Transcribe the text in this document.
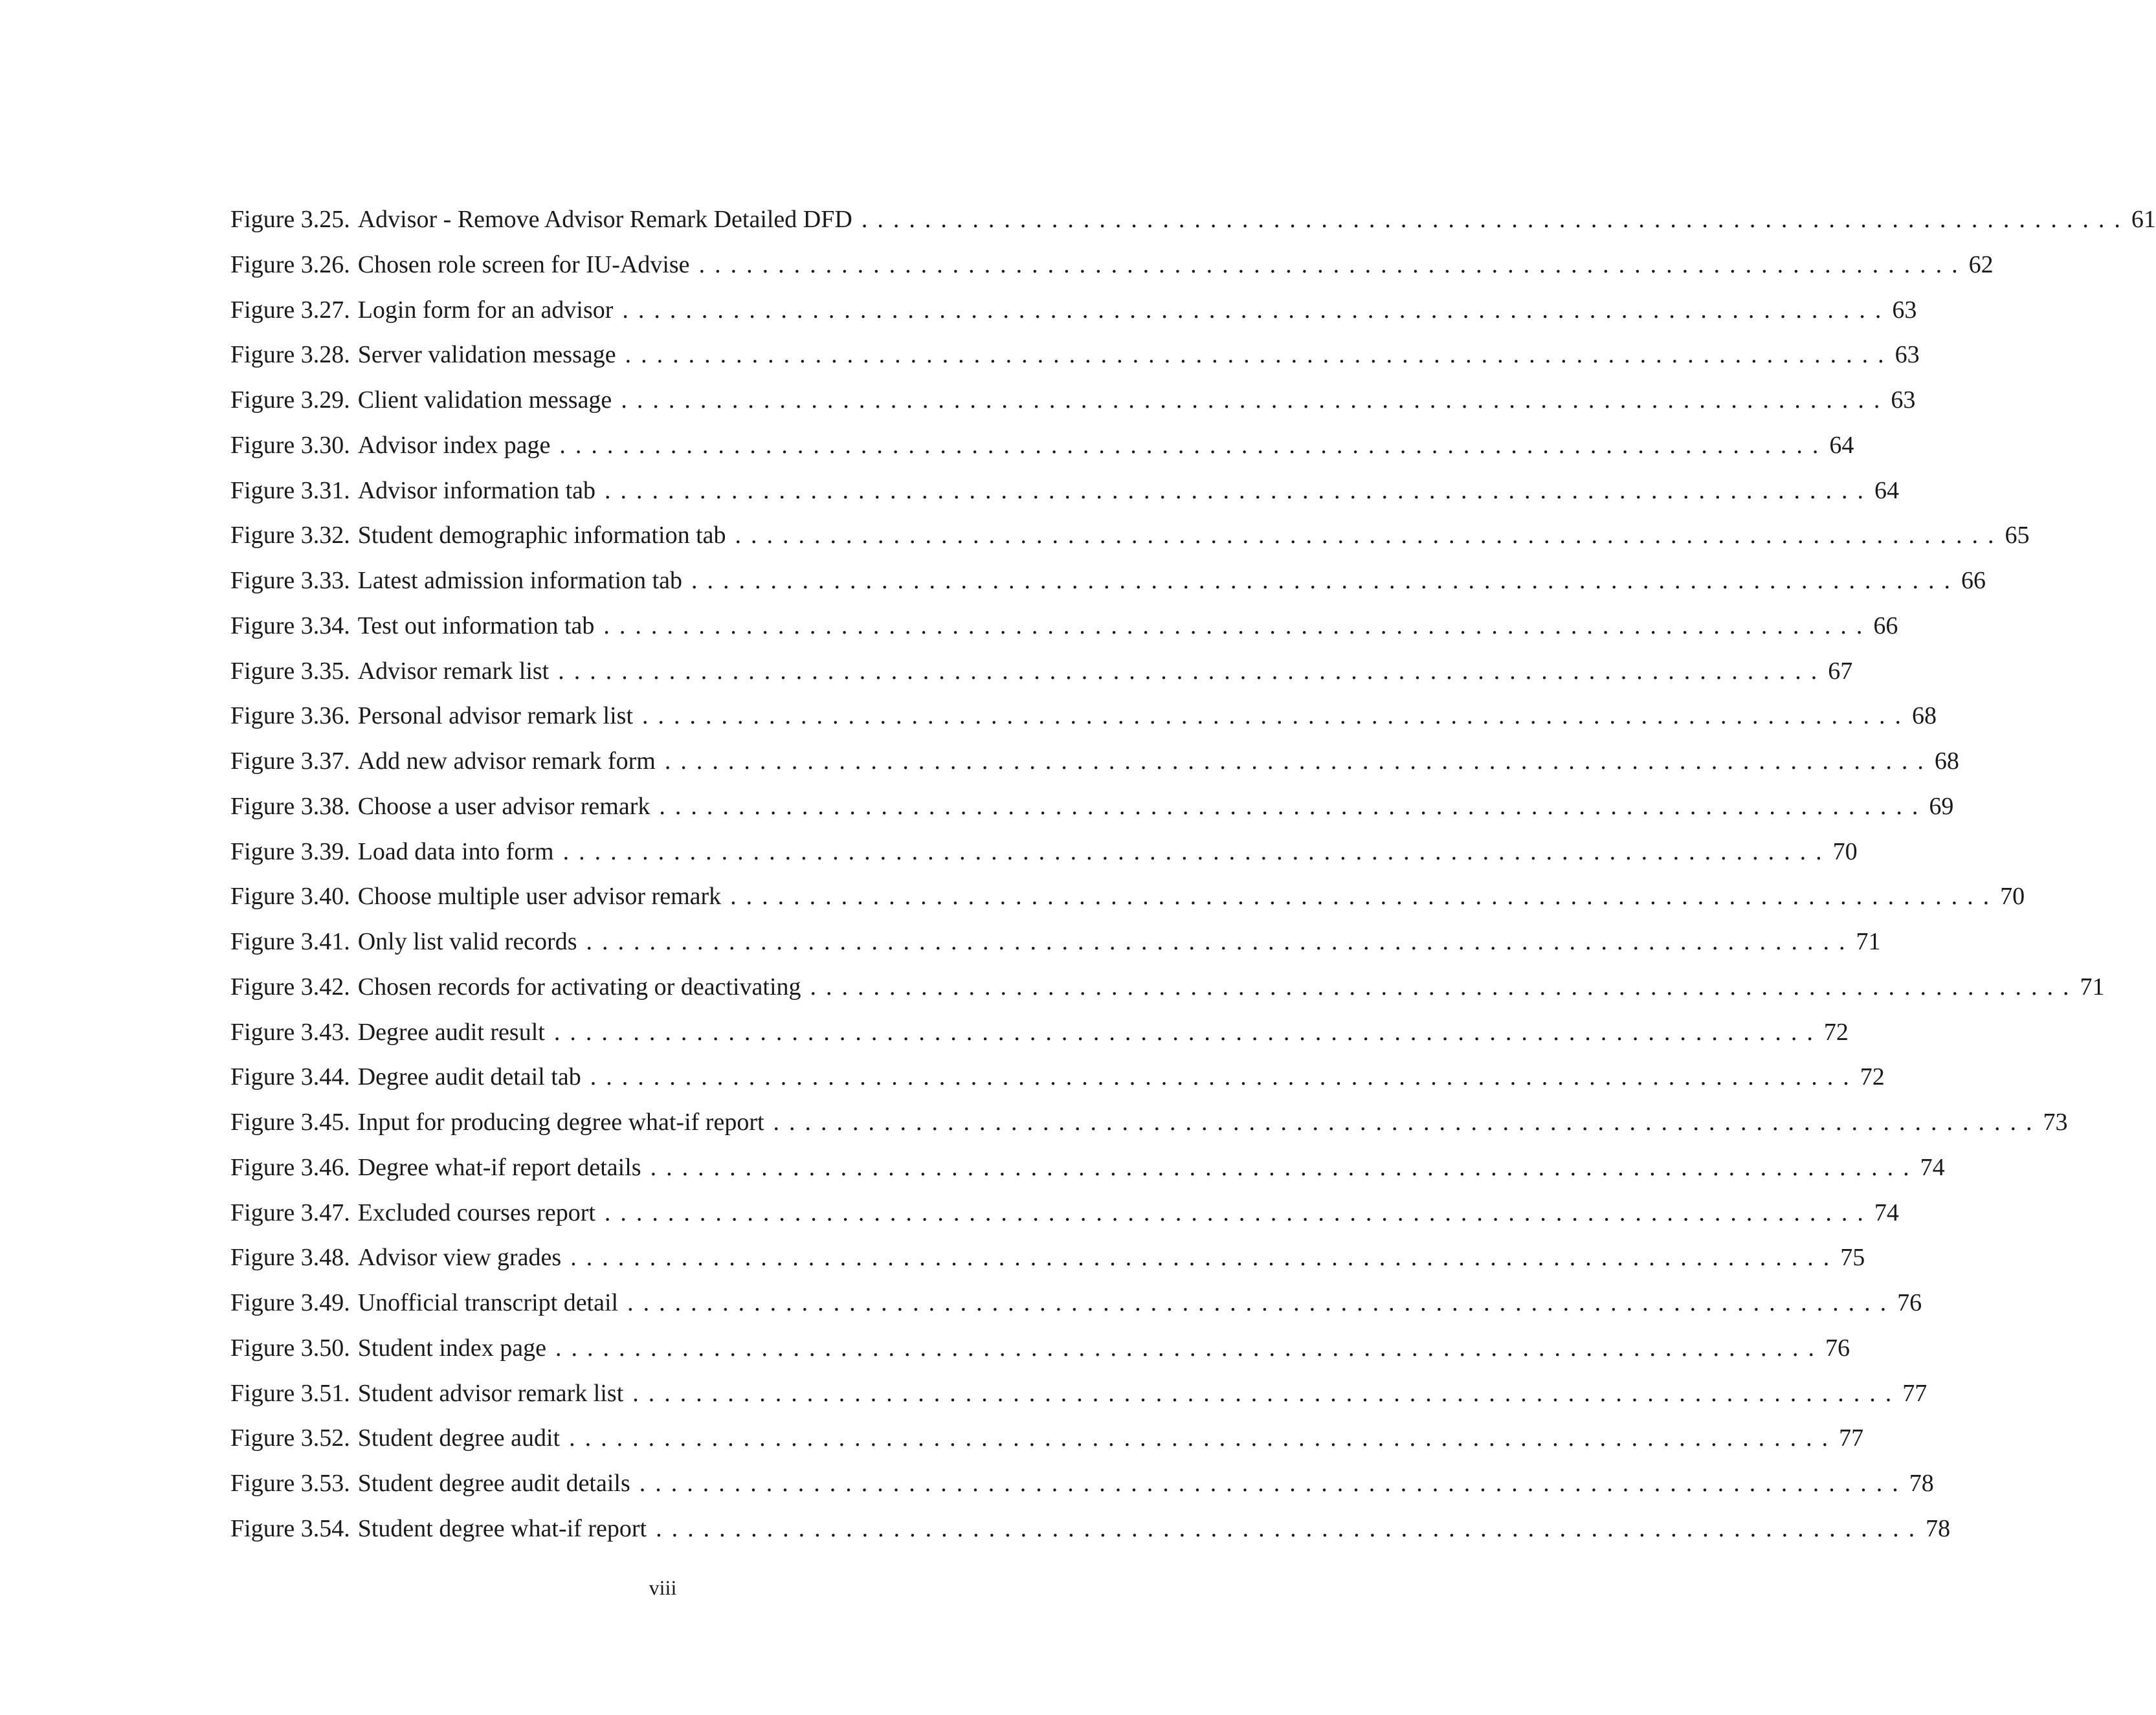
Figure 3.25. Advisor - Remove Advisor Remark Detailed DFD ................................................................................ 61
Figure 3.26. Chosen role screen for IU-Advise ................................................................................ 62
Figure 3.27. Login form for an advisor ................................................................................ 63
Figure 3.28. Server validation message ................................................................................ 63
Figure 3.29. Client validation message ................................................................................ 63
Figure 3.30. Advisor index page ................................................................................ 64
Figure 3.31. Advisor information tab ................................................................................ 64
Figure 3.32. Student demographic information tab ................................................................................ 65
Figure 3.33. Latest admission information tab ................................................................................ 66
Figure 3.34. Test out information tab ................................................................................ 66
Figure 3.35. Advisor remark list ................................................................................ 67
Figure 3.36. Personal advisor remark list ................................................................................ 68
Figure 3.37. Add new advisor remark form ................................................................................ 68
Figure 3.38. Choose a user advisor remark ................................................................................ 69
Figure 3.39. Load data into form ................................................................................ 70
Figure 3.40. Choose multiple user advisor remark ................................................................................ 70
Figure 3.41. Only list valid records ................................................................................ 71
Figure 3.42. Chosen records for activating or deactivating ................................................................................ 71
Figure 3.43. Degree audit result ................................................................................ 72
Figure 3.44. Degree audit detail tab ................................................................................ 72
Figure 3.45. Input for producing degree what-if report ................................................................................ 73
Figure 3.46. Degree what-if report details ................................................................................ 74
Figure 3.47. Excluded courses report ................................................................................ 74
Figure 3.48. Advisor view grades ................................................................................ 75
Figure 3.49. Unofficial transcript detail ................................................................................ 76
Figure 3.50. Student index page ................................................................................ 76
Figure 3.51. Student advisor remark list ................................................................................ 77
Figure 3.52. Student degree audit ................................................................................ 77
Figure 3.53. Student degree audit details ................................................................................ 78
Figure 3.54. Student degree what-if report ................................................................................ 78
viii
